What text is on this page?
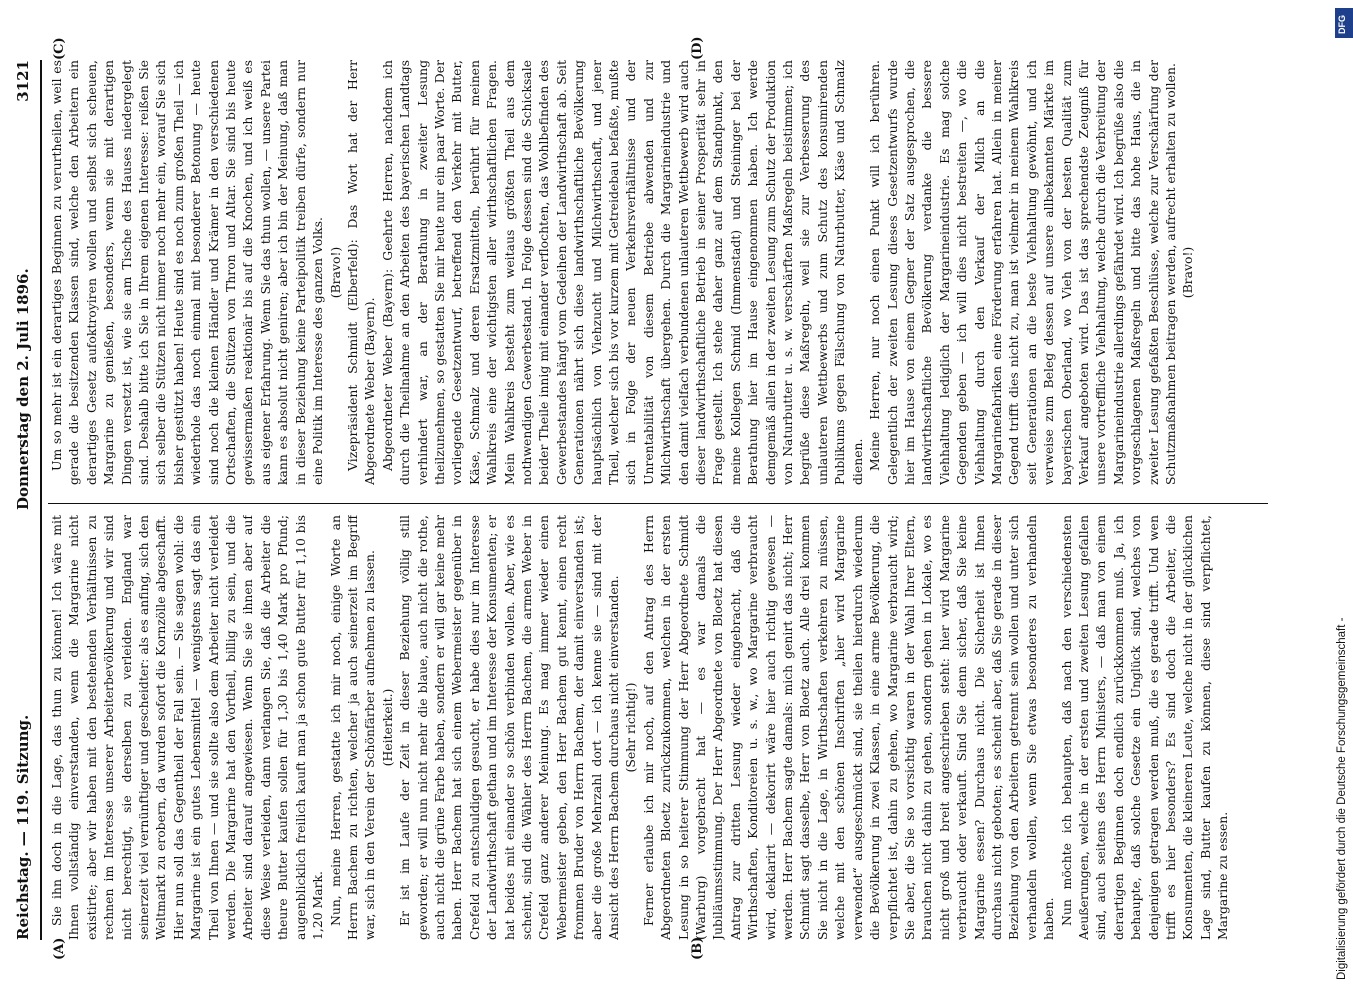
Reichstag. — 119. Sitzung.
Donnerstag den 2. Juli 1896.
3121

Sie ihn doch in die Lage, das thun zu können! Ich wäre mit Ihnen vollständig einverstanden, wenn die Margarine nicht existirte; aber wir haben mit den bestehenden Verhältnissen zu rechnen im Interesse unserer Arbeiterbevölkerung und wir sind nicht berechtigt, sie derselben zu verleiden. England war seinerzeit viel vernünftiger und gescheidter: als es anfing, sich den Weltmarkt zu erobern, da wurden sofort die Kornzölle abgeschafft. Hier nun soll das Gegentheil der Fall sein. — Sie sagen wohl: die Margarine ist ein gutes Lebensmittel — wenigstens sagt das ein Theil von Ihnen — und sie sollte also dem Arbeiter nicht verleidet werden. Die Margarine hat den Vortheil, billig zu sein, und die Arbeiter sind darauf angewiesen. Wenn Sie sie ihnen aber auf diese Weise verleiden, dann verlangen Sie, daß die Arbeiter die theure Butter kaufen sollen für 1,30 bis 1,40 Mark pro Pfund; augenblicklich freilich kauft man ja schon gute Butter für 1,10 bis 1,20 Mark. Nun, meine Herren, gestatte ich mir noch, einige Worte an Herrn Bachem zu richten, welcher ja auch seinerzeit im Begriff war, sich in den Verein der Schönfärber aufnehmen zu lassen. (Heiterkeit.) Er ist im Laufe der Zeit in dieser Beziehung völlig still geworden; er will nun nicht mehr die blaue, auch nicht die rothe, auch nicht die grüne Farbe haben, sondern er will gar keine mehr haben. Herr Bachem hat sich einem Webermeister gegenüber in Crefeld zu entschuldigen gesucht, er habe dies nur im Interesse der Landwirthschaft gethan und im Interesse der Konsumenten; er hat beides mit einander so schön verbinden wollen. Aber, wie es scheint, sind die Wähler des Herrn Bachem, die armen Weber in Crefeld ganz anderer Meinung. Es mag immer wieder einen Webermeister geben, den Herr Bachem gut kennt, einen recht frommen Bruder von Herrn Bachem, der damit einverstanden ist; aber die große Mehrzahl dort — ich kenne sie — sind mit der Ansicht des Herrn Bachem durchaus nicht einverstanden. (Sehr richtig!) Ferner erlaube ich mir noch, auf den Antrag des Herrn Abgeordneten Bloetz zurückzukommen, welchen in der ersten Lesung in so heiterer Stimmung der Herr Abgeordnete Schmidt (Warburg) vorgebracht hat — es war damals die Jubiläumsstimmung. Der Herr Abgeordnete von Bloetz hat diesen Antrag zur dritten Lesung wieder eingebracht, daß die Wirthschaften, Konditoreien u. s. w., wo Margarine verbraucht wird, deklarirt — dekorirt wäre hier auch richtig gewesen — werden. Herr Bachem sagte damals: mich genirt das nicht; Herr Schmidt sagt dasselbe, Herr von Bloetz auch. Alle drei kommen Sie nicht in die Lage, in Wirthschaften verkehren zu müssen, welche mit den schönen Inschriften „hier wird Margarine verwendet“ ausgeschmückt sind, sie theilen hierdurch wiederum die Bevölkerung in zwei Klassen, in eine arme Bevölkerung, die verpflichtet ist, dahin zu gehen, wo Margarine verbraucht wird; Sie aber, die Sie so vorsichtig waren in der Wahl Ihrer Eltern, brauchen nicht dahin zu gehen, sondern gehen in Lokale, wo es nicht groß und breit angeschrieben steht: hier wird Margarine verbraucht oder verkauft. Sind Sie denn sicher, daß Sie keine Margarine essen? Durchaus nicht. Die Sicherheit ist Ihnen durchaus nicht geboten; es scheint aber, daß Sie gerade in dieser Beziehung von den Arbeitern getrennt sein wollen und unter sich verhandeln wollen, wenn Sie etwas besonderes zu verhandeln haben. Nun möchte ich behaupten, daß nach den verschiedensten Aeußerungen, welche in der ersten und zweiten Lesung gefallen sind, auch seitens des Herrn Ministers, — daß man von einem derartigen Beginnen doch endlich zurückkommen muß. Ja, ich behaupte, daß solche Gesetze ein Unglück sind, welches von denjenigen getragen werden muß, die es gerade trifft. Und wen trifft es hier besonders? Es sind doch die Arbeiter, die Konsumenten, die kleineren Leute, welche nicht in der glücklichen Lage sind, Butter kaufen zu können, diese sind verpflichtet, Margarine zu essen.

Um so mehr ist ein derartiges Beginnen zu verurtheilen, weil es gerade die besitzenden Klassen sind, welche den Arbeitern ein derartiges Gesetz aufoktroyiren wollen und selbst sich scheuen, Margarine zu genießen, besonders, wenn sie mit derartigen Dingen versetzt ist, wie sie am Tische des Hauses niedergelegt sind. Deshalb bitte ich Sie in Ihrem eigenen Interesse: reißen Sie sich selber die Stützen nicht immer noch mehr ein, worauf Sie sich bisher gestützt haben! Heute sind es noch zum großen Theil — ich wiederhole das noch einmal mit besonderer Betonung — heute sind noch die kleinen Händler und Krämer in den verschiedenen Ortschaften, die Stützen von Thron und Altar. Sie sind bis heute gewissermaßen reaktionär bis auf die Knochen, und ich weiß es aus eigener Erfahrung. Wenn Sie das thun wollen, — unsere Partei kann es absolut nicht geniren; aber ich bin der Meinung, daß man in dieser Beziehung keine Parteipolitik treiben dürfe, sondern nur eine Politik im Interesse des ganzen Volks. (Bravo!) Vizepräsident Schmidt (Elberfeld): Das Wort hat der Herr Abgeordnete Weber (Bayern). Abgeordneter Weber (Bayern): Geehrte Herren, nachdem ich durch die Theilnahme an den Arbeiten des bayerischen Landtags verhindert war, an der Berathung in zweiter Lesung theilzunehmen, so gestatten Sie mir heute nur ein paar Worte. Der vorliegende Gesetzentwurf, betreffend den Verkehr mit Butter, Käse, Schmalz und deren Ersatzmitteln, berührt für meinen Wahlkreis eine der wichtigsten aller wirthschaftlichen Fragen. Mein Wahlkreis besteht zum weitaus größten Theil aus dem nothwendigen Gewerbestand. In Folge dessen sind die Schicksale beider Theile innig mit einander verflochten, das Wohlbefinden des Gewerbestandes hängt vom Gedeihen der Landwirthschaft ab. Seit Generationen nährt sich diese landwirthschaftliche Bevölkerung hauptsächlich von Viehzucht und Milchwirthschaft, und jener Theil, welcher sich bis vor kurzem mit Getreidebau befaßte, mußte sich in Folge der neuen Verkehrsverhältnisse und der Unrentabilität von diesem Betriebe abwenden und zur Milchwirthschaft übergehen. Durch die Margarineindustrie und den damit vielfach verbundenen unlauteren Wettbewerb wird auch dieser landwirthschaftliche Betrieb in seiner Prosperität sehr in Frage gestellt. Ich stehe daher ganz auf dem Standpunkt, den meine Kollegen Schmid (Immenstadt) und Steininger bei der Berathung hier im Hause eingenommen haben. Ich werde demgemäß allen in der zweiten Lesung zum Schutz der Produktion von Naturbutter u. s. w. verschärften Maßregeln beistimmen; ich begrüße diese Maßregeln, weil sie zur Verbesserung des unlauteren Wettbewerbs und zum Schutz des konsumirenden Publikums gegen Fälschung von Naturbutter, Käse und Schmalz dienen. Meine Herren, nur noch einen Punkt will ich berühren. Gelegentlich der zweiten Lesung dieses Gesetzentwurfs wurde hier im Hause von einem Gegner der Satz ausgesprochen, die landwirthschaftliche Bevölkerung verdanke die bessere Viehhaltung lediglich der Margarineindustrie. Es mag solche Gegenden geben — ich will dies nicht bestreiten —, wo die Viehhaltung durch den Verkauf der Milch an die Margarinefabriken eine Förderung erfahren hat. Allein in meiner Gegend trifft dies nicht zu, man ist vielmehr in meinem Wahlkreis seit Generationen an die beste Viehhaltung gewöhnt, und ich verweise zum Beleg dessen auf unsere allbekannten Märkte im bayerischen Oberland, wo Vieh von der besten Qualität zum Verkauf angeboten wird. Das ist das sprechendste Zeugniß für unsere vortreffliche Viehhaltung, welche durch die Verbreitung der Margarineindustrie allerdings gefährdet wird. Ich begrüße also die vorgeschlagenen Maßregeln und bitte das hohe Haus, die in zweiter Lesung gefaßten Beschlüsse, welche zur Verschärfung der Schutzmaßnahmen beitragen werden, aufrecht erhalten zu wollen. (Bravo!)

(A)	(B)
(C)	(D)
Digitalisierung gefördert durch die Deutsche Forschungsgemeinschaft -
DFG
